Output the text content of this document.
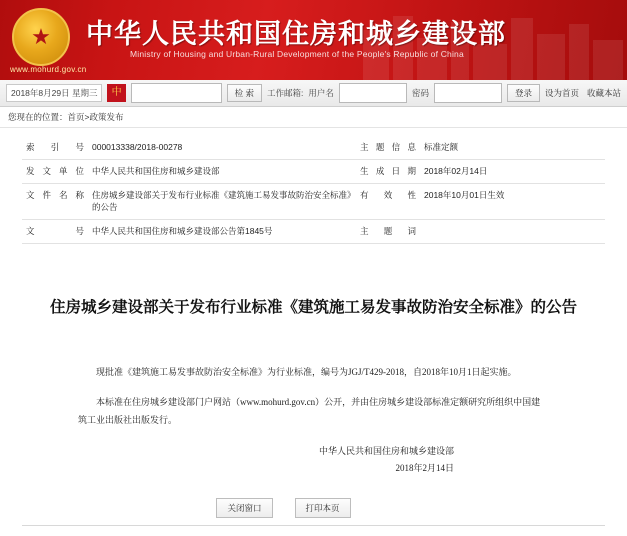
★ 中华人民共和国住房和城乡建设部
Ministry of Housing and Urban-Rural Development of the People's Republic of China
www.mohurd.gov.cn
2018年8月29日 星期三	中	检 索	工作邮箱: 用户名	密码	登录	设为首页 收藏本站
您现在的位置： 首页>政策发布
索引号	000013338/2018-00278	主题信息	标准定额
发文单位	中华人民共和国住房和城乡建设部	生成日期	2018年02月14日
文件名称	住房城乡建设部关于发布行业标准《建筑施工易发事故防治安全标准》的公告	有 效 性	2018年10月01日生效
文 号	中华人民共和国住房和城乡建设部公告第1845号	主 题 词	
住房城乡建设部关于发布行业标准《建筑施工易发事故防治安全标准》的公告

现批准《建筑施工易发事故防治安全标准》为行业标准，编号为JGJ/T429-2018，自2018年10月1日起实施。

本标准在住房城乡建设部门户网站（www.mohurd.gov.cn）公开，并由住房城乡建设部标准定额研究所组织中国建筑工业出版社出版发行。

中华人民共和国住房和城乡建设部
2018年2月14日
关闭窗口	打印本页
